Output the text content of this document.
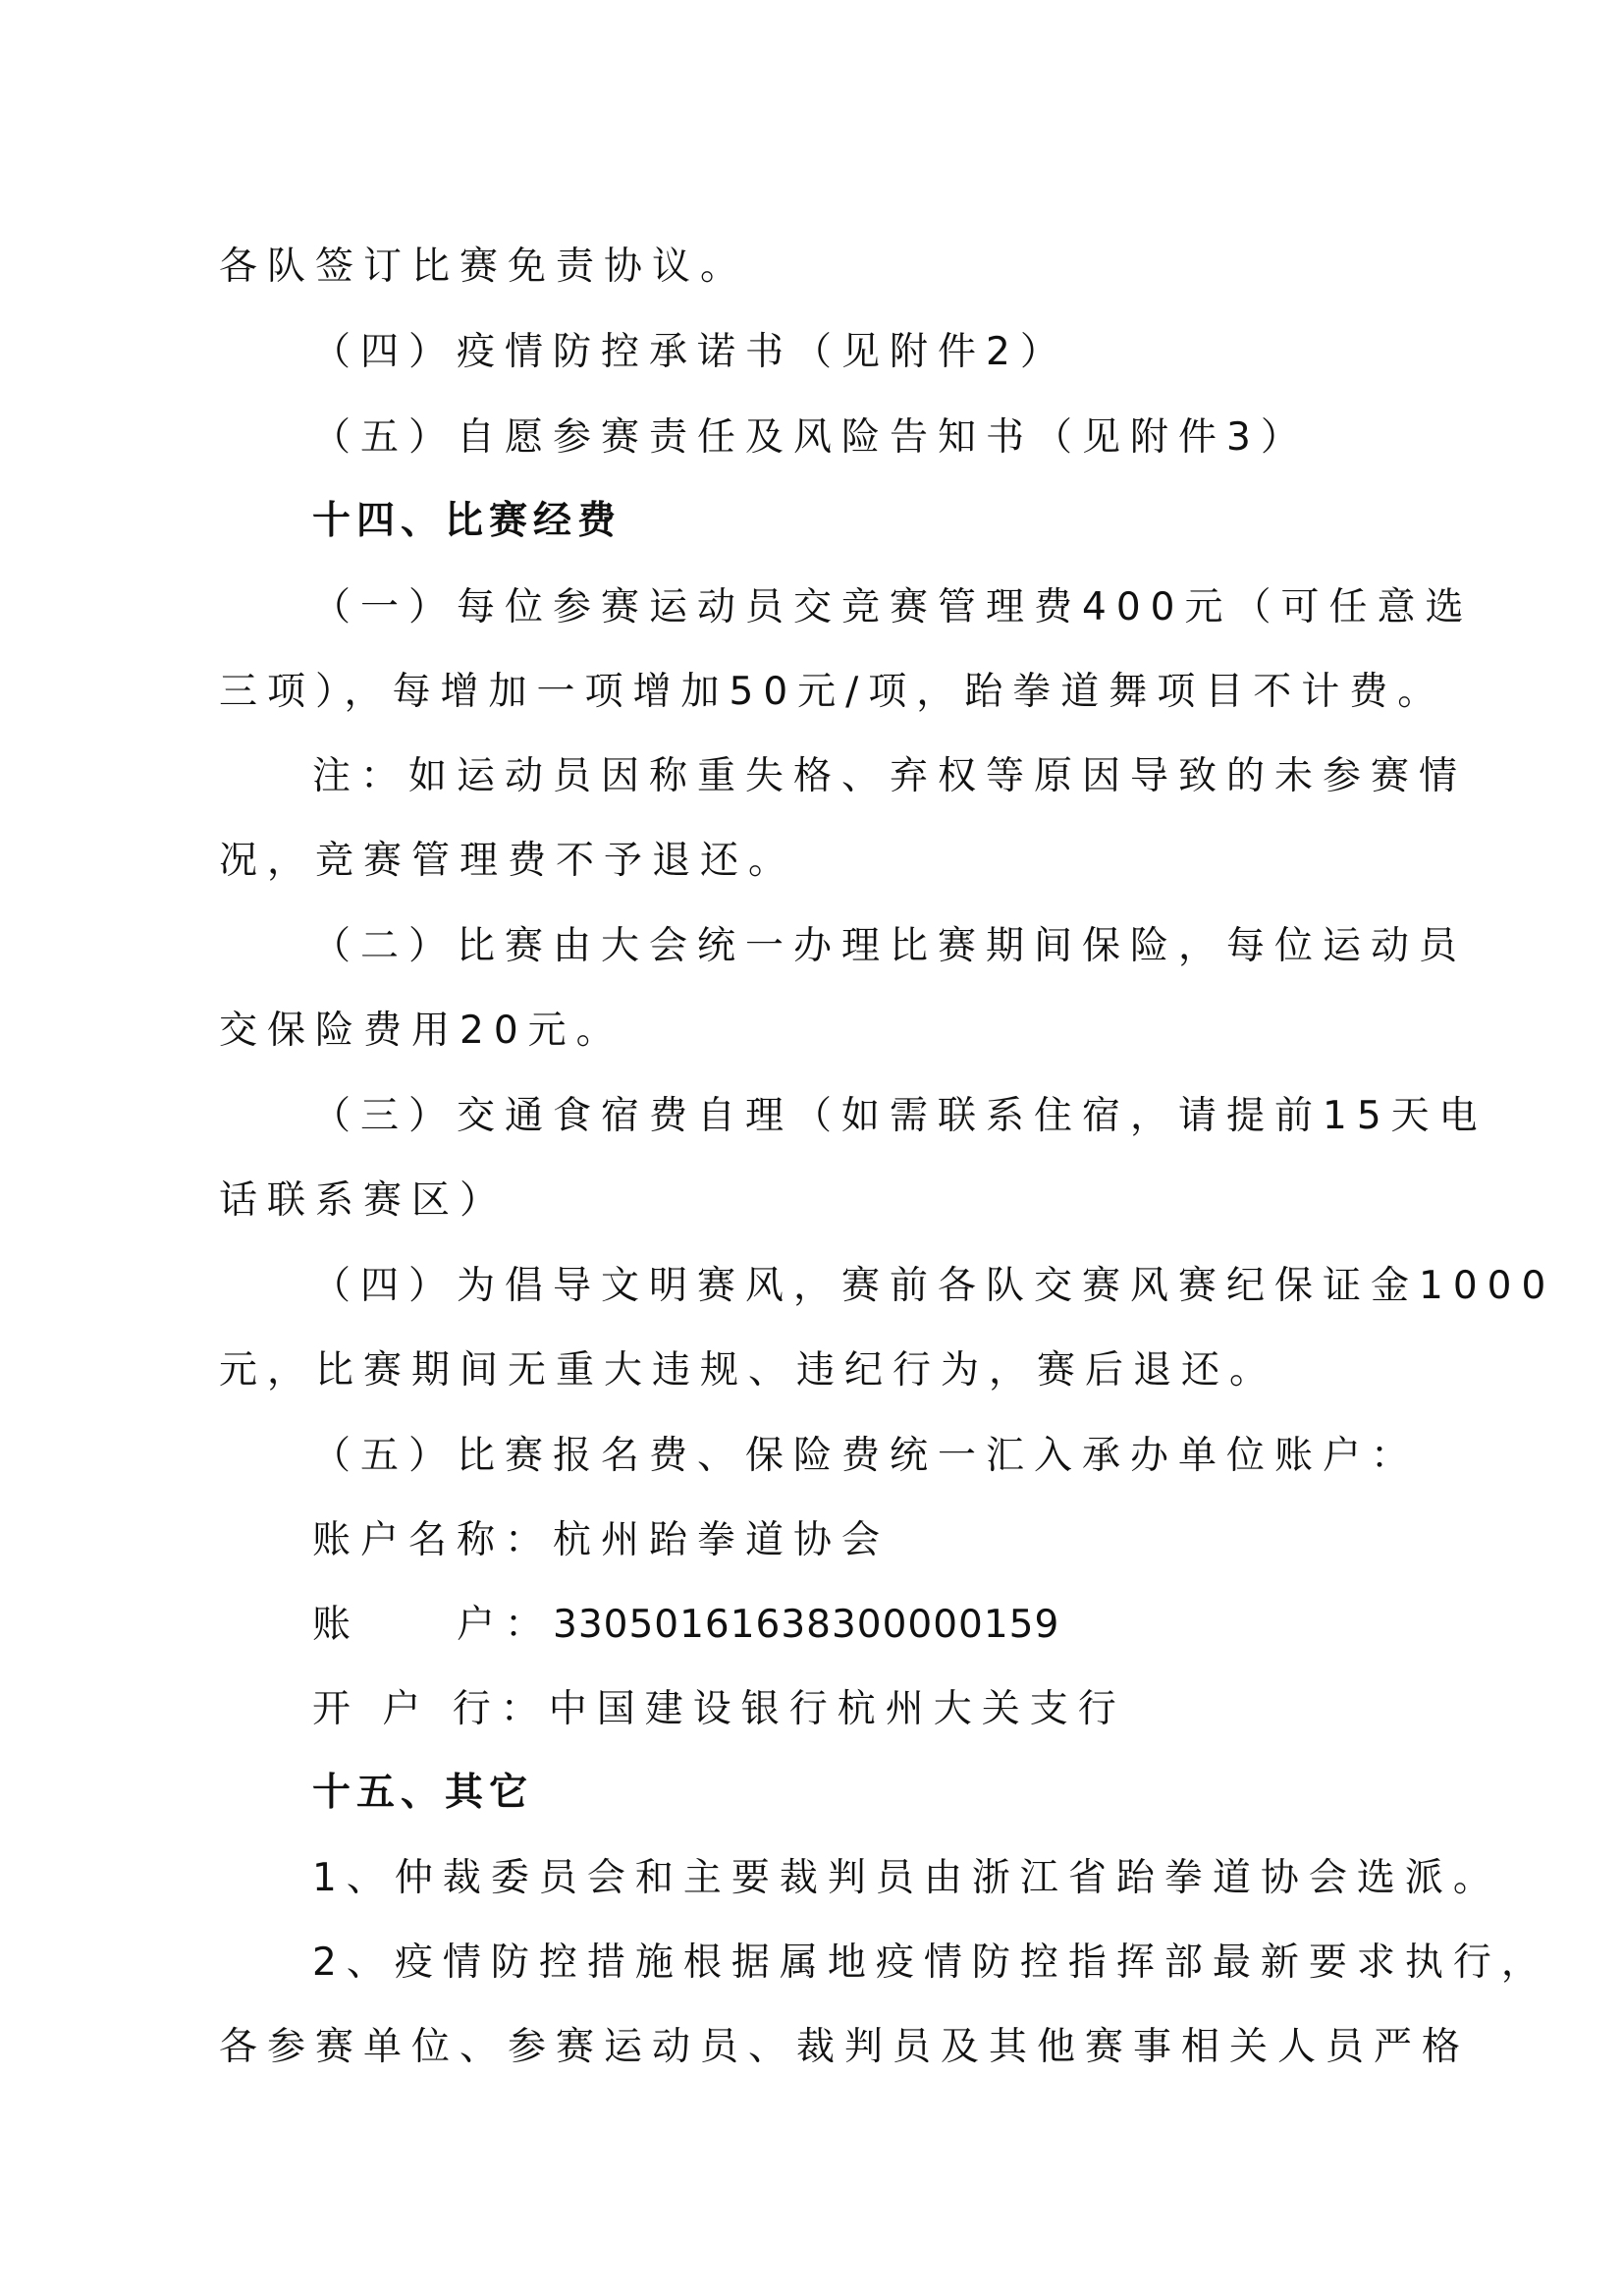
各队签订比赛免责协议。
（四）疫情防控承诺书（见附件2）
（五）自愿参赛责任及风险告知书（见附件3）
十四、比赛经费
（一）每位参赛运动员交竞赛管理费400元（可任意选
三项），每增加一项增加50元/项，跆拳道舞项目不计费。
注：如运动员因称重失格、弃权等原因导致的未参赛情
况，竞赛管理费不予退还。
（二）比赛由大会统一办理比赛期间保险，每位运动员
交保险费用20元。
（三）交通食宿费自理（如需联系住宿，请提前15天电
话联系赛区）
（四）为倡导文明赛风，赛前各队交赛风赛纪保证金1000
元，比赛期间无重大违规、违纪行为，赛后退还。
（五）比赛报名费、保险费统一汇入承办单位账户：
账户名称：杭州跆拳道协会
账　　户：33050161638300000159
开 户 行：中国建设银行杭州大关支行
十五、其它
1、仲裁委员会和主要裁判员由浙江省跆拳道协会选派。
2、疫情防控措施根据属地疫情防控指挥部最新要求执行，
各参赛单位、参赛运动员、裁判员及其他赛事相关人员严格
